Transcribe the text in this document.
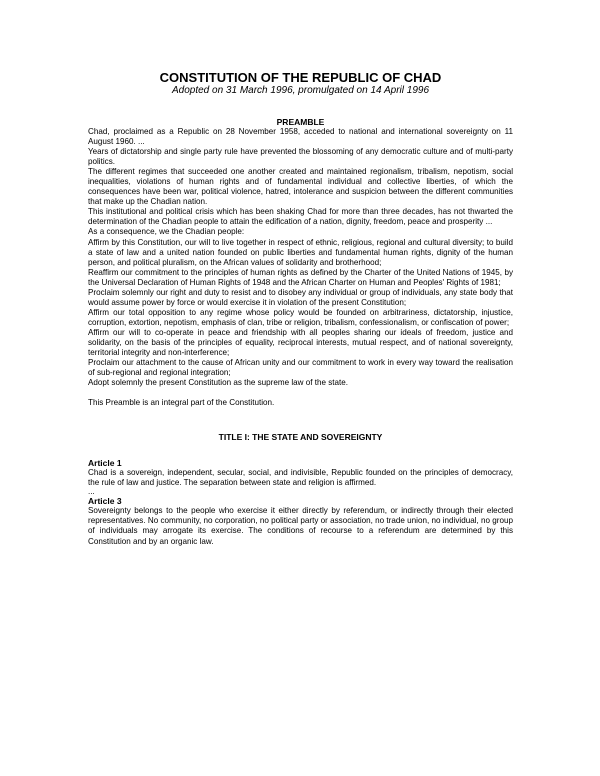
CONSTITUTION OF THE REPUBLIC OF CHAD

Adopted on 31 March 1996, promulgated on 14 April 1996

PREAMBLE

Chad, proclaimed as a Republic on 28 November 1958, acceded to national and international sovereignty on 11 August 1960. ...

Years of dictatorship and single party rule have prevented the blossoming of any democratic culture and of multi-party politics.

The different regimes that succeeded one another created and maintained regionalism, tribalism, nepotism, social inequalities, violations of human rights and of fundamental individual and collective liberties, of which the consequences have been war, political violence, hatred, intolerance and suspicion between the different communities that make up the Chadian nation.

This institutional and political crisis which has been shaking Chad for more than three decades, has not thwarted the determination of the Chadian people to attain the edification of a nation, dignity, freedom, peace and prosperity ...

As a consequence, we the Chadian people:

Affirm by this Constitution, our will to live together in respect of ethnic, religious, regional and cultural diversity; to build a state of law and a united nation founded on public liberties and fundamental human rights, dignity of the human person, and political pluralism, on the African values of solidarity and brotherhood;

Reaffirm our commitment to the principles of human rights as defined by the Charter of the United Nations of 1945, by the Universal Declaration of Human Rights of 1948 and the African Charter on Human and Peoples' Rights of 1981;

Proclaim solemnly our right and duty to resist and to disobey any individual or group of individuals, any state body that would assume power by force or would exercise it in violation of the present Constitution;

Affirm our total opposition to any regime whose policy would be founded on arbitrariness, dictatorship, injustice, corruption, extortion, nepotism, emphasis of clan, tribe or religion, tribalism, confessionalism, or confiscation of power;

Affirm our will to co-operate in peace and friendship with all peoples sharing our ideals of freedom, justice and solidarity, on the basis of the principles of equality, reciprocal interests, mutual respect, and of national sovereignty, territorial integrity and non-interference;

Proclaim our attachment to the cause of African unity and our commitment to work in every way toward the realisation of sub-regional and regional integration;

Adopt solemnly the present Constitution as the supreme law of the state.

This Preamble is an integral part of the Constitution.

TITLE I: THE STATE AND SOVEREIGNTY
Article 1

Chad is a sovereign, independent, secular, social, and indivisible, Republic founded on the principles of democracy, the rule of law and justice. The separation between state and religion is affirmed.

...

Article 3

Sovereignty belongs to the people who exercise it either directly by referendum, or indirectly through their elected representatives. No community, no corporation, no political party or association, no trade union, no individual, no group of individuals may arrogate its exercise. The conditions of recourse to a referendum are determined by this Constitution and by an organic law.
